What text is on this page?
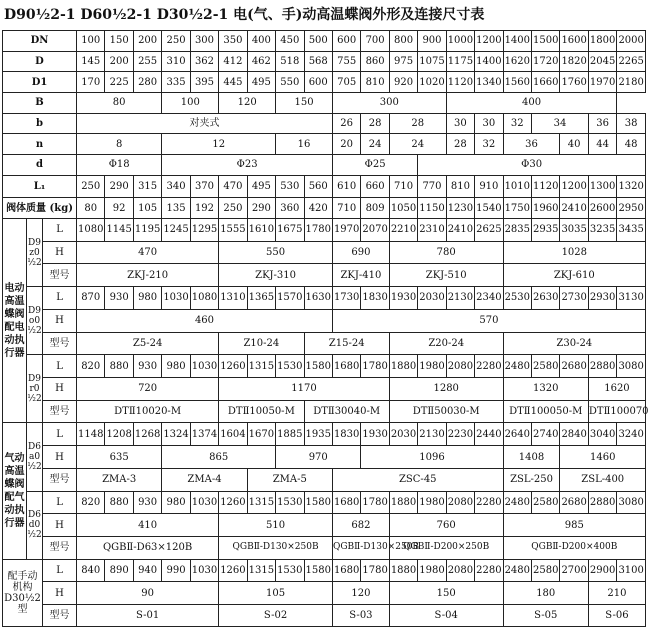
D90½2-1 D60½2-1 D30½2-1 电(气、手)动高温蝶阀外形及连接尺寸表
DN			100	150	200	250	300	350	400	450	500	600	700	800	900	1000	1200	1400	1500	1600	1800	2000
D			145	200	255	310	362	412	462	518	568	755	860	975	1075	1175	1400	1620	1720	1820	2045	2265
D1			170	225	280	335	395	445	495	550	600	705	810	920	1020	1120	1340	1560	1660	1760	1970	2180
B			80			100		120		150		300				400						
b			对夹式									26	28	28		30	30	32	34		36	38
n			8			12				16		20	24	24		28	32	36		40	44	48
d			Φ18			Φ23						Φ25			Φ30							
L₁			250	290	315	340	370	470	495	530	560	610	660	710	770	810	910	1010	1120	1200	1300	1320
阀体质量 (kg)			80	92	105	135	192	250	290	360	420	710	809	1050	1150	1230	1540	1750	1960	2410	2600	2950
电动高温蝶阀配电动执行器	D9z0½2	L	1080	1145	1195	1245	1295	1555	1610	1675	1780	1970	2070	2210	2310	2410	2625	2835	2935	3035	3235	3435
		H	470					550				690		780				1028				
		型号	ZKJ-210					ZKJ-310				ZKJ-410		ZKJ-510				ZKJ-610				
	D9o0½2	L	870	930	980	1030	1080	1310	1365	1570	1630	1730	1830	1930	2030	2130	2340	2530	2630	2730	2930	3130
		H	460									570										
		型号	Z5-24					Z10-24			Z15-24			Z20-24				Z30-24				
	D9r0½2	L	820	880	930	980	1030	1260	1315	1530	1580	1680	1780	1880	1980	2080	2280	2480	2580	2680	2880	3080
		H	720					1170						1280				1320			1620	
		型号	DTⅡ10020-M					DTⅡ10050-M			DTⅡ30040-M			DTⅡ50030-M				DTⅡ100050-M			DTⅡ100070	
气动高温蝶阀配气动执行器	D6a0½2	L	1148	1208	1268	1324	1374	1604	1670	1885	1935	1830	1930	2030	2130	2230	2440	2640	2740	2840	3040	3240
		H	635			865				970			1096					1408		1460		
		型号	ZMA-3			ZMA-4			ZMA-5			ZSC-45						ZSL-250		ZSL-400		
	D6d0½2	L	820	880	930	980	1030	1260	1315	1530	1580	1680	1780	1880	1980	2080	2280	2480	2580	2680	2880	3080
		H	410					510				682		760				985				
		型号	QGBⅡ-D63×120B					QGBⅡ-D130×250B				QGBⅡ-D130×250B		QGBⅡ-D200×250B				QGBⅡ-D200×400B				
配手动机构 D30½2型		L	840	890	940	990	1030	1260	1315	1530	1580	1680	1780	1880	1980	2080	2280	2480	2580	2700	2900	3100
		H	90					105				120		150				180			210	
		型号	S-01					S-02				S-03		S-04				S-05			S-06	
